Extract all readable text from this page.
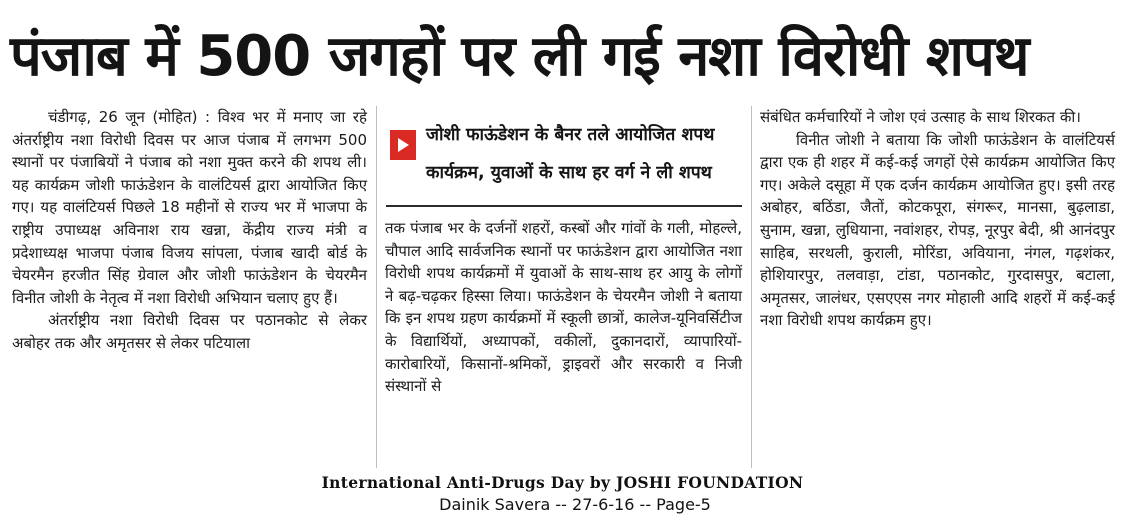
पंजाब में 500 जगहों पर ली गई नशा विरोधी शपथ

चंडीगढ़, 26 जून (मोहित) : विश्व भर में मनाए जा रहे अंतर्राष्ट्रीय नशा विरोधी दिवस पर आज पंजाब में लगभग 500 स्थानों पर पंजाबियों ने पंजाब को नशा मुक्त करने की शपथ ली। यह कार्यक्रम जोशी फाऊंडेशन के वालंटियर्स द्वारा आयोजित किए गए। यह वालंटियर्स पिछले 18 महीनों से राज्य भर में भाजपा के राष्ट्रीय उपाध्यक्ष अविनाश राय खन्ना, केंद्रीय राज्य मंत्री व प्रदेशाध्यक्ष भाजपा पंजाब विजय सांपला, पंजाब खादी बोर्ड के चेयरमैन हरजीत सिंह ग्रेवाल और जोशी फाऊंडेशन के चेयरमैन विनीत जोशी के नेतृत्व में नशा विरोधी अभियान चलाए हुए हैं।

अंतर्राष्ट्रीय नशा विरोधी दिवस पर पठानकोट से लेकर अबोहर तक और अमृतसर से लेकर पटियाला

जोशी फाऊंडेशन के बैनर तले आयोजित शपथ
कार्यक्रम, युवाओं के साथ हर वर्ग ने ली शपथ

तक पंजाब भर के दर्जनों शहरों, कस्बों और गांवों के गली, मोहल्ले, चौपाल आदि सार्वजनिक स्थानों पर फाऊंडेशन द्वारा आयोजित नशा विरोधी शपथ कार्यक्रमों में युवाओं के साथ-साथ हर आयु के लोगों ने बढ़-चढ़कर हिस्सा लिया। फाऊंडेशन के चेयरमैन जोशी ने बताया कि इन शपथ ग्रहण कार्यक्रमों में स्कूली छात्रों, कालेज-यूनिवर्सिटीज के विद्यार्थियों, अध्यापकों, वकीलों, दुकानदारों, व्यापारियों-कारोबारियों, किसानों-श्रमिकों, ड्राइवरों और सरकारी व निजी संस्थानों से

संबंधित कर्मचारियों ने जोश एवं उत्साह के साथ शिरकत की।

विनीत जोशी ने बताया कि जोशी फाऊंडेशन के वालंटियर्स द्वारा एक ही शहर में कई-कई जगहों ऐसे कार्यक्रम आयोजित किए गए। अकेले दसूहा में एक दर्जन कार्यक्रम आयोजित हुए। इसी तरह अबोहर, बठिंडा, जैतों, कोटकपूरा, संगरूर, मानसा, बुढ़लाडा, सुनाम, खन्ना, लुधियाना, नवांशहर, रोपड़, नूरपुर बेदी, श्री आनंदपुर साहिब, सरथली, कुराली, मोरिंडा, अवियाना, नंगल, गढ़शंकर, होशियारपुर, तलवाड़ा, टांडा, पठानकोट, गुरदासपुर, बटाला, अमृतसर, जालंधर, एसएएस नगर मोहाली आदि शहरों में कई-कई नशा विरोधी शपथ कार्यक्रम हुए।

International Anti-Drugs Day by JOSHI FOUNDATION
Dainik Savera -- 27-6-16 -- Page-5
